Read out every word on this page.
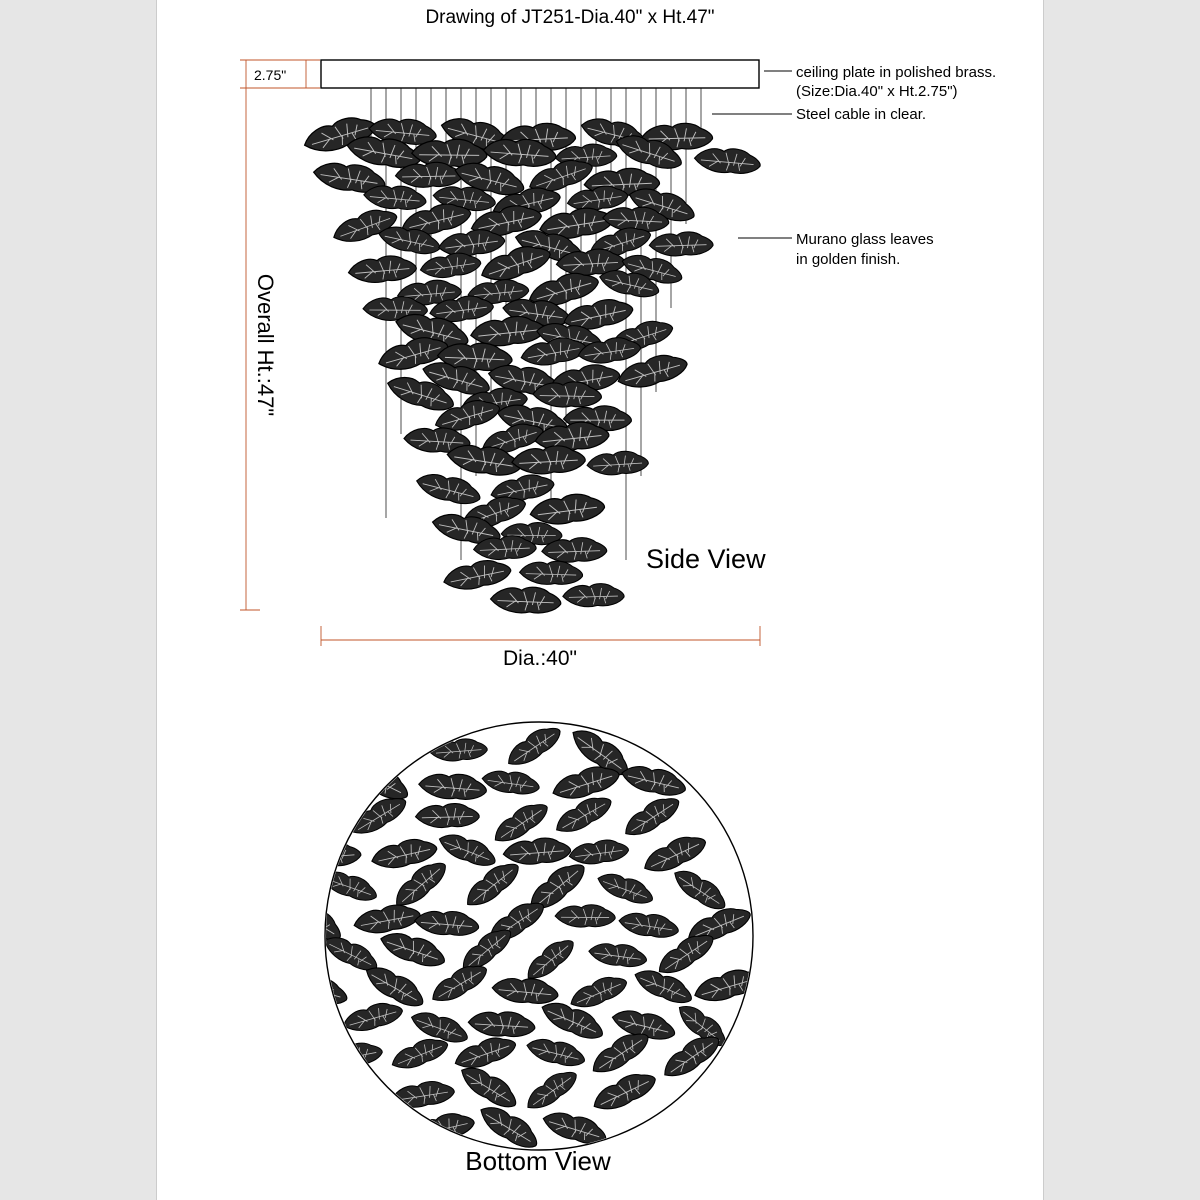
Drawing of JT251-Dia.40" x Ht.47"
2.75"
Overall Ht.:47"
Dia.:40"
ceiling plate in polished brass.
(Size:Dia.40" x Ht.2.75")
Steel cable in clear.
Murano glass leaves
in golden finish.
Side View
Bottom View
